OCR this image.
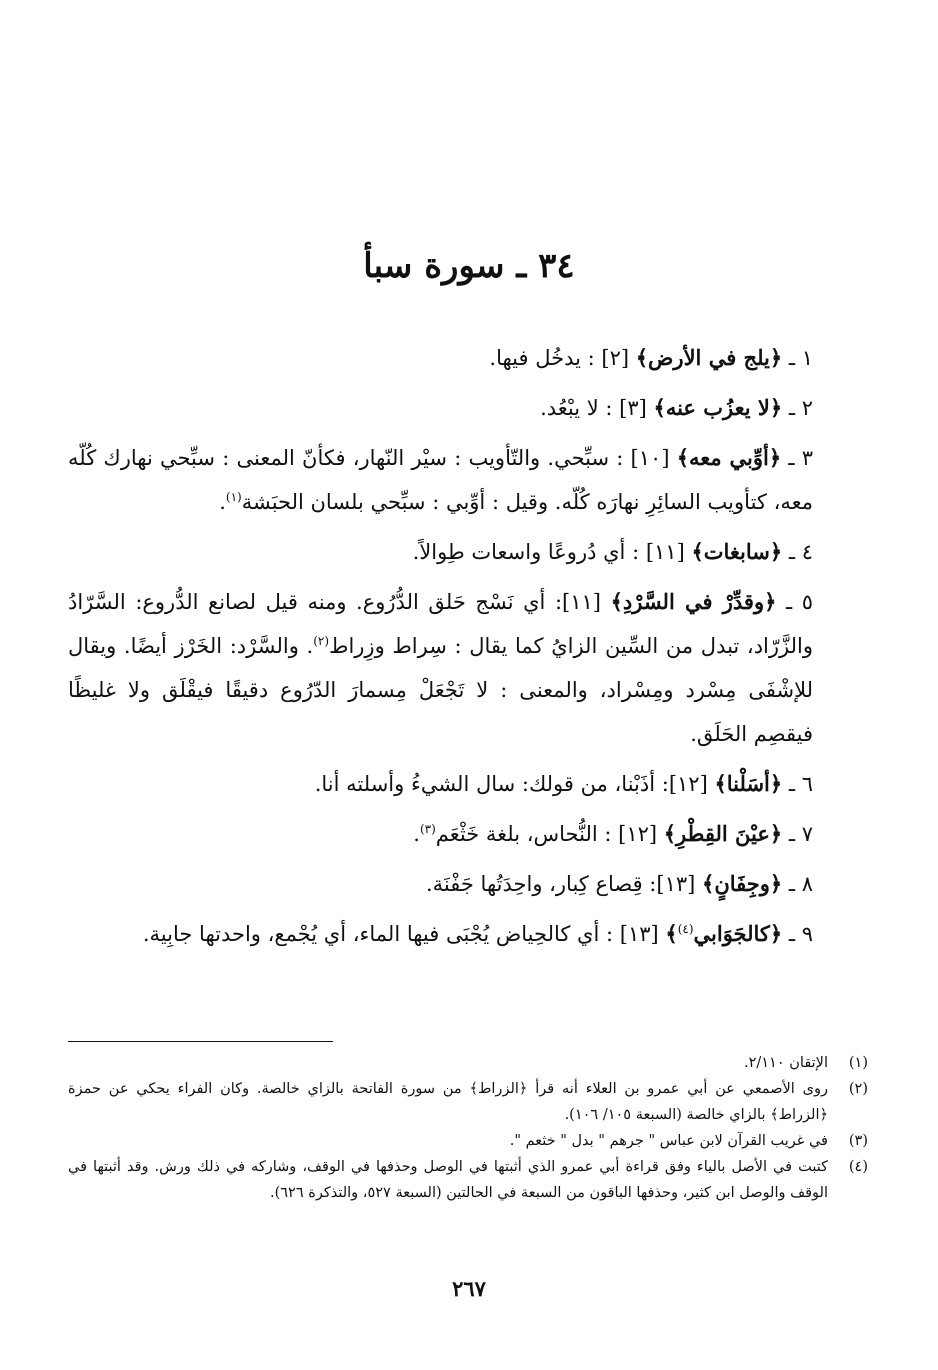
٣٤ ـ سورة سبأ

١ ـ ﴿يلج في الأرض﴾ [٢] : يدخُل فيها.

٢ ـ ﴿لا يعزُب عنه﴾ [٣] : لا يبْعُد.

٣ ـ ﴿أوِّبي معه﴾ [١٠] : سبِّحي. والتّأويب : سيْر النّهار، فكأنّ المعنى : سبِّحي نهارك كُلّه معه، كتأويب السائِرِ نهارَه كُلّه. وقيل : أوِّبي : سبِّحي بلسان الحبَشة$^{(١)}$.

٤ ـ ﴿سابغات﴾ [١١] : أي دُروعًا واسعات طِوالاً.

٥ ـ ﴿وقدِّرْ في السَّرْدِ﴾ [١١]: أي نَسْج حَلق الدُّرُوع. ومنه قيل لصانع الدُّروع: السَّرّادُ والزَّرّاد، تبدل من السِّين الزايُ كما يقال : سِراط وزِراط$^{(٢)}$. والسَّرْد: الخَرْز أيضًا. ويقال للإشْفَى مِسْرد ومِسْراد، والمعنى : لا تَجْعَلْ مِسمارَ الدّرُوع دقيقًا فيقْلَق ولا غليظًا فيقصِم الحَلَق.

٦ ـ ﴿أسَلْنا﴾ [١٢]: أذَبْنا، من قولك: سال الشيءُ وأسلته أنا.

٧ ـ ﴿عيْنَ القِطْرِ﴾ [١٢] : النُّحاس، بلغة خَثْعَم$^{(٣)}$.

٨ ـ ﴿وجِفَانٍ﴾ [١٣]: قِصاع كِبار، واحِدَتُها جَفْنَة.

٩ ـ ﴿كالجَوَابي$^{(٤)}$﴾ [١٣] : أي كالحِياض يُجْبَى فيها الماء، أي يُجْمع، واحدتها جابِية.

(١)
الإتقان ٢/١١٠.
(٢)
روى الأصمعي عن أبي عمرو بن العلاء أنه قرأ ﴿الزراط﴾ من سورة الفاتحة بالزاي خالصة. وكان الفراء يحكي عن حمزة ﴿الزراط﴾ بالزاي خالصة (السبعة ١٠٥/ ١٠٦).
(٣)
في غريب القرآن لابن عباس " جرهم " بدل " خثعم ".
(٤)
كتبت في الأصل بالياء وفق قراءة أبي عمرو الذي أثبتها في الوصل وحذفها في الوقف، وشاركه في ذلك ورش. وقد أثبتها في الوقف والوصل ابن كثير، وحذفها الباقون من السبعة في الحالتين (السبعة ٥٢٧، والتذكرة ٦٢٦).
٢٦٧
